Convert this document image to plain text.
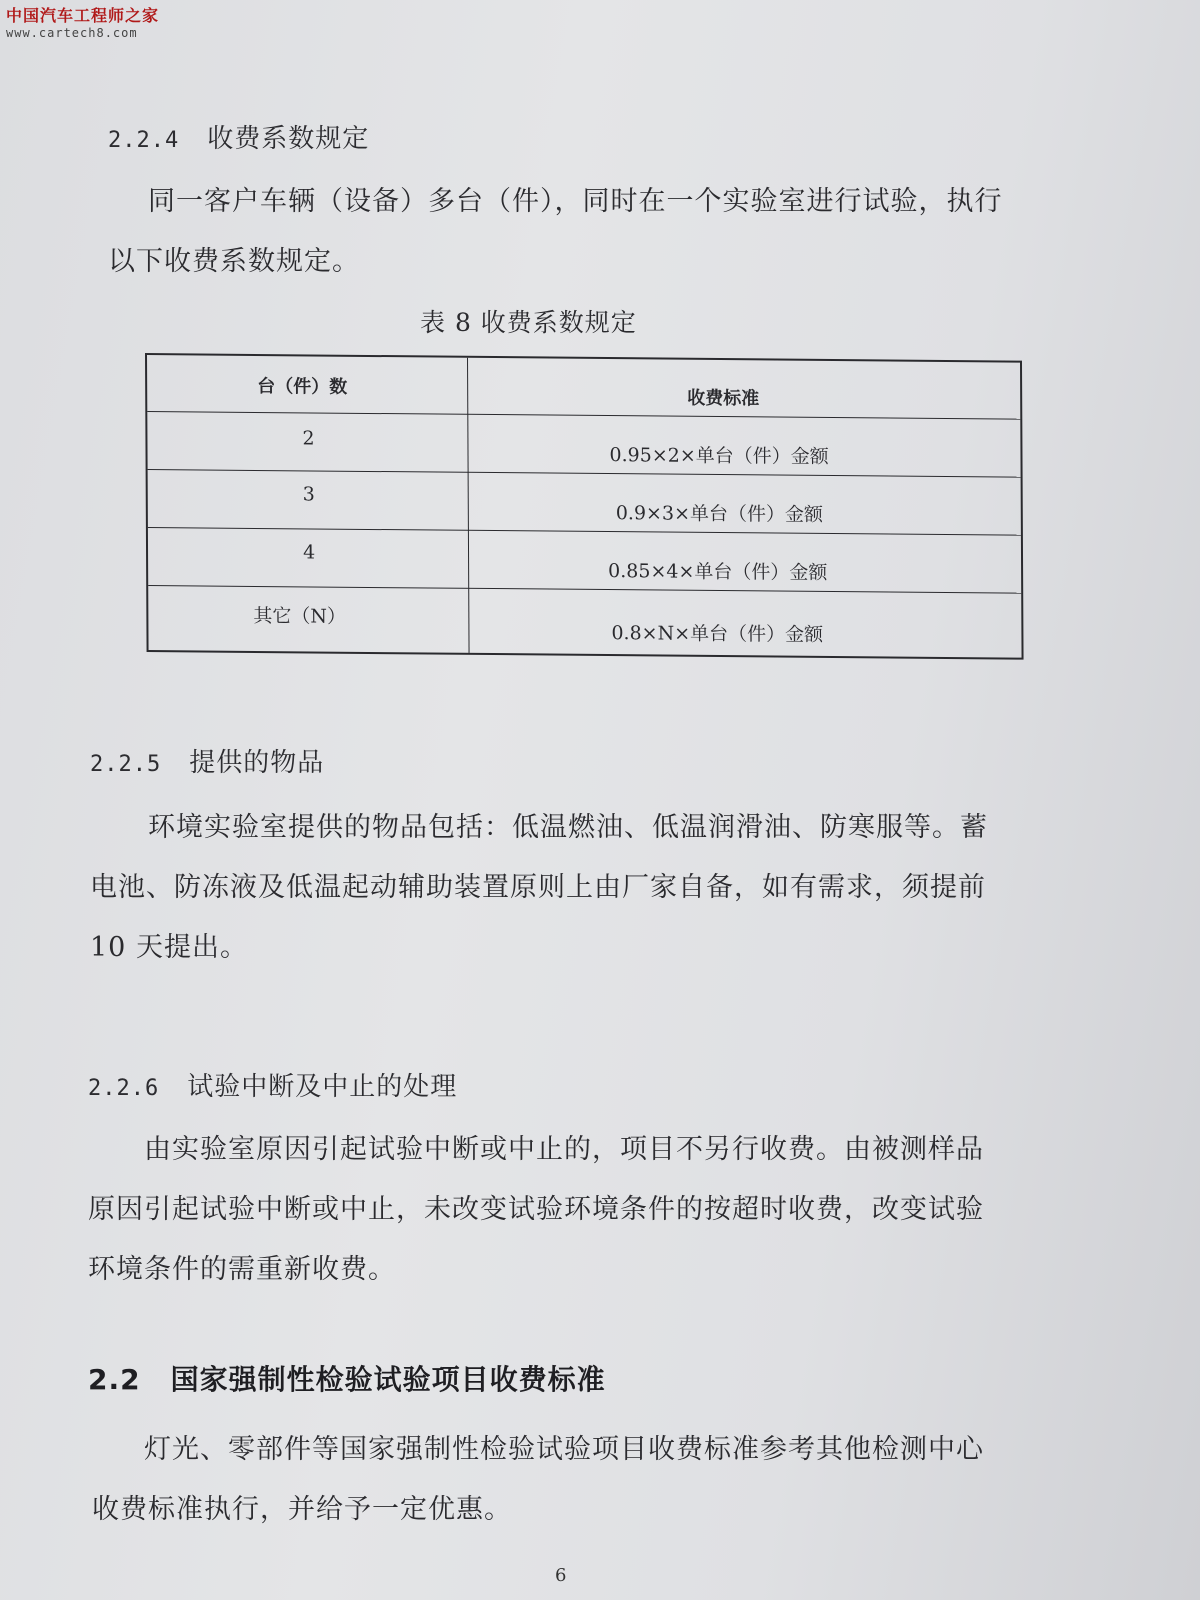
中国汽车工程师之家
www.cartech8.com
2.2.4 收费系数规定
同一客户车辆（设备）多台（件），同时在一个实验室进行试验，执行
以下收费系数规定。
表 8 收费系数规定
台（件）数
收费标准
2
0.95×2×单台（件）金额
3
0.9×3×单台（件）金额
4
0.85×4×单台（件）金额
其它（N）
0.8×N×单台（件）金额
2.2.5 提供的物品
环境实验室提供的物品包括：低温燃油、低温润滑油、防寒服等。蓄
电池、防冻液及低温起动辅助装置原则上由厂家自备，如有需求，须提前
10 天提出。
2.2.6 试验中断及中止的处理
由实验室原因引起试验中断或中止的，项目不另行收费。由被测样品
原因引起试验中断或中止，未改变试验环境条件的按超时收费，改变试验
环境条件的需重新收费。
2.2 国家强制性检验试验项目收费标准
灯光、零部件等国家强制性检验试验项目收费标准参考其他检测中心
收费标准执行，并给予一定优惠。
6
